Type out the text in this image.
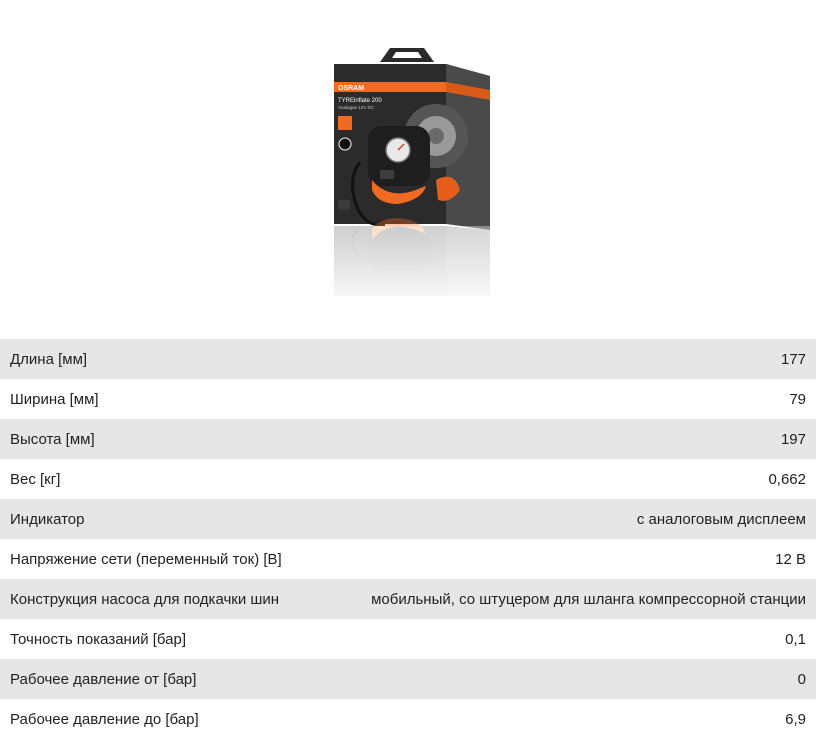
OSRAM
TYREinflate 200
Analogue 12V DC
Длина [мм]	177
Ширина [мм]	79
Высота [мм]	197
Вес [кг]	0,662
Индикатор	с аналоговым дисплеем
Напряжение сети (переменный ток) [В]	12 В
Конструкция насоса для подкачки шин	мобильный, со штуцером для шланга компрессорной станции
Точность показаний [бар]	0,1
Рабочее давление от [бар]	0
Рабочее давление до [бар]	6,9
